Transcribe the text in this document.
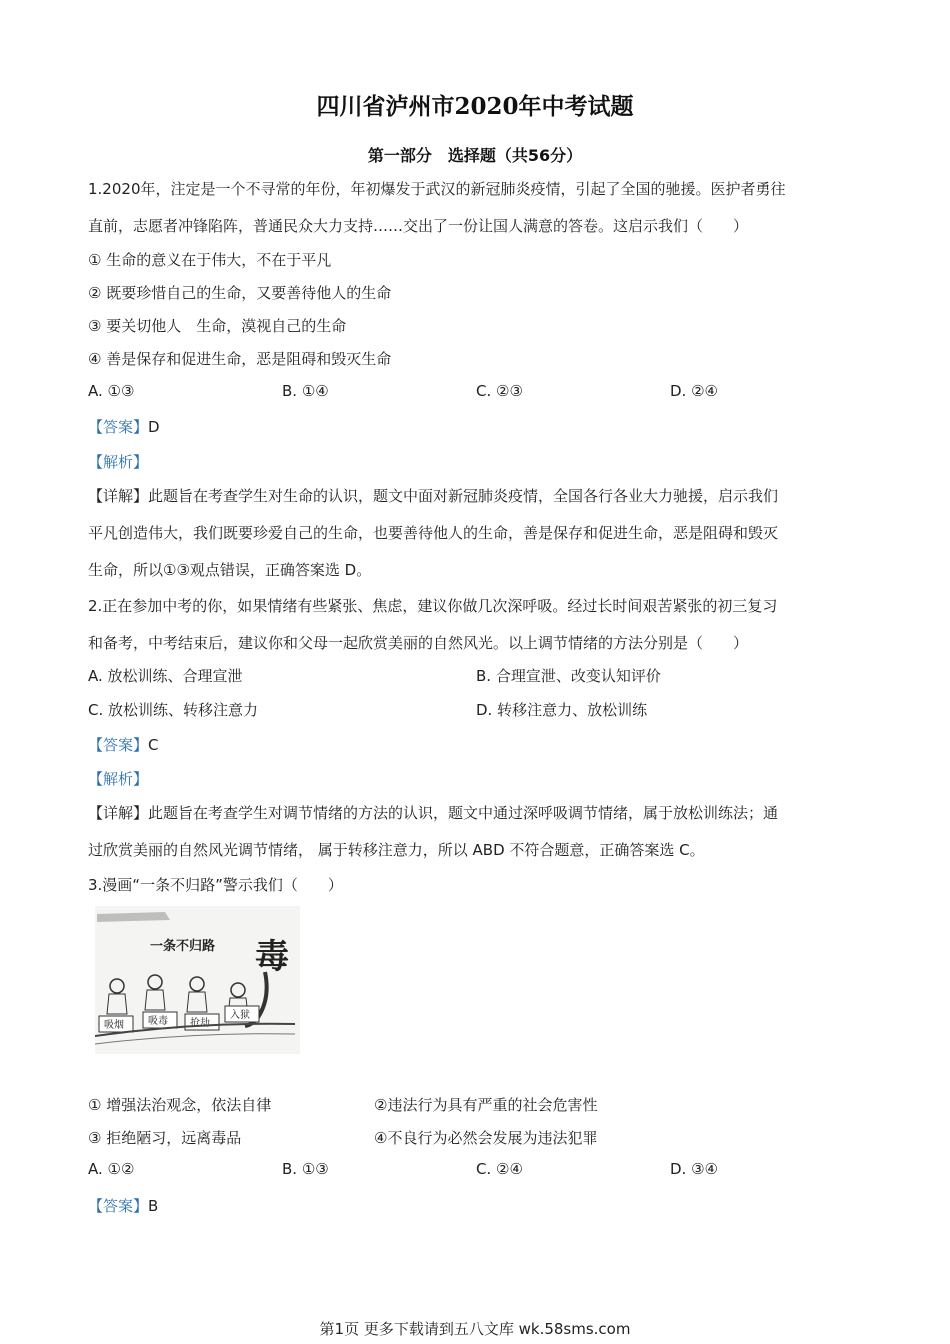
四川省泸州市2020年中考试题
第一部分　选择题（共56分）
1.2020年，注定是一个不寻常的年份，年初爆发于武汉的新冠肺炎疫情，引起了全国的驰援。医护者勇往
直前，志愿者冲锋陷阵，普通民众大力支持……交出了一份让国人满意的答卷。这启示我们（　　）
① 生命的意义在于伟大，不在于平凡
② 既要珍惜自己的生命，又要善待他人的生命
③ 要关切他人　生命，漠视自己的生命
④ 善是保存和促进生命，恶是阻碍和毁灭生命
A. ①③	B. ①④	C. ②③	D. ②④
【答案】D
【解析】
【详解】此题旨在考查学生对生命的认识，题文中面对新冠肺炎疫情，全国各行各业大力驰援，启示我们
平凡创造伟大，我们既要珍爱自己的生命，也要善待他人的生命，善是保存和促进生命，恶是阻碍和毁灭
生命，所以①③观点错误，正确答案选 D。
2.正在参加中考的你，如果情绪有些紧张、焦虑，建议你做几次深呼吸。经过长时间艰苦紧张的初三复习
和备考，中考结束后，建议你和父母一起欣赏美丽的自然风光。以上调节情绪的方法分别是（　　）
A. 放松训练、合理宣泄	B. 合理宣泄、改变认知评价
C. 放松训练、转移注意力	D. 转移注意力、放松训练
【答案】C
【解析】
【详解】此题旨在考查学生对调节情绪的方法的认识，题文中通过深呼吸调节情绪，属于放松训练法；通
过欣赏美丽的自然风光调节情绪， 属于转移注意力，所以 ABD 不符合题意，正确答案选 C。
3.漫画“一条不归路”警示我们（　　）
一条不归路 毒
吸烟 吸毒 抢劫
入狱
① 增强法治观念，依法自律	②违法行为具有严重的社会危害性
③ 拒绝陋习，远离毒品	④不良行为必然会发展为违法犯罪
A. ①②	B. ①③	C. ②④	D. ③④
【答案】B
第1页 更多下载请到五八文库 wk.58sms.com
